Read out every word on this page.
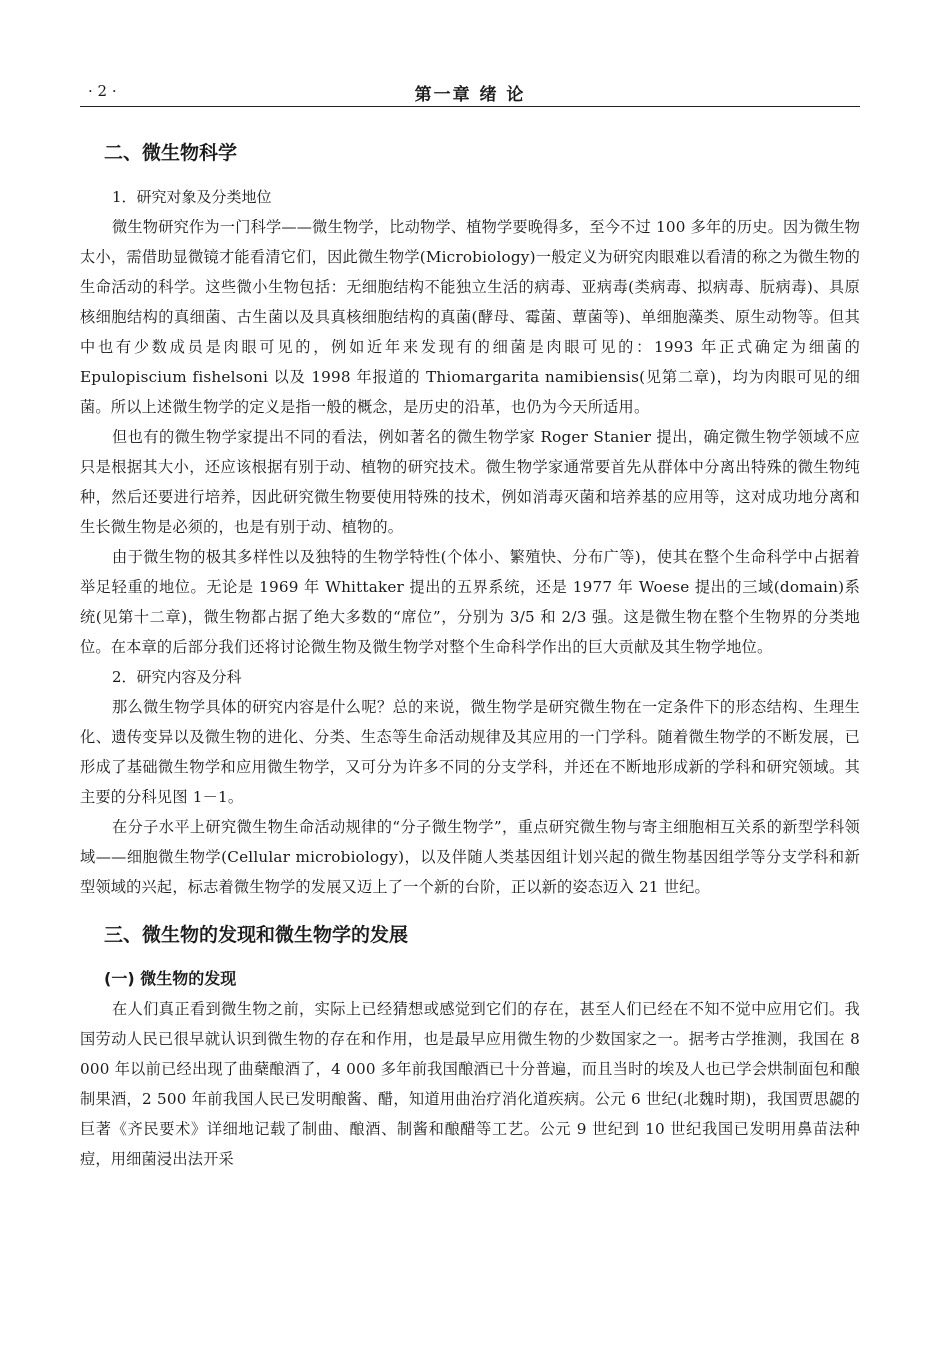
· 2 ·	第一章 绪 论
二、微生物科学
1．研究对象及分类地位

微生物研究作为一门科学——微生物学，比动物学、植物学要晚得多，至今不过 100 多年的历史。因为微生物太小，需借助显微镜才能看清它们，因此微生物学(Microbiology)一般定义为研究肉眼难以看清的称之为微生物的生命活动的科学。这些微小生物包括：无细胞结构不能独立生活的病毒、亚病毒(类病毒、拟病毒、朊病毒)、具原核细胞结构的真细菌、古生菌以及具真核细胞结构的真菌(酵母、霉菌、蕈菌等)、单细胞藻类、原生动物等。但其中也有少数成员是肉眼可见的，例如近年来发现有的细菌是肉眼可见的：1993 年正式确定为细菌的 Epulopiscium fishelsoni 以及 1998 年报道的 Thiomargarita namibiensis(见第二章)，均为肉眼可见的细菌。所以上述微生物学的定义是指一般的概念，是历史的沿革，也仍为今天所适用。

但也有的微生物学家提出不同的看法，例如著名的微生物学家 Roger Stanier 提出，确定微生物学领域不应只是根据其大小，还应该根据有别于动、植物的研究技术。微生物学家通常要首先从群体中分离出特殊的微生物纯种，然后还要进行培养，因此研究微生物要使用特殊的技术，例如消毒灭菌和培养基的应用等，这对成功地分离和生长微生物是必须的，也是有别于动、植物的。

由于微生物的极其多样性以及独特的生物学特性(个体小、繁殖快、分布广等)，使其在整个生命科学中占据着举足轻重的地位。无论是 1969 年 Whittaker 提出的五界系统，还是 1977 年 Woese 提出的三域(domain)系统(见第十二章)，微生物都占据了绝大多数的“席位”，分别为 3/5 和 2/3 强。这是微生物在整个生物界的分类地位。在本章的后部分我们还将讨论微生物及微生物学对整个生命科学作出的巨大贡献及其生物学地位。

2．研究内容及分科

那么微生物学具体的研究内容是什么呢？总的来说，微生物学是研究微生物在一定条件下的形态结构、生理生化、遗传变异以及微生物的进化、分类、生态等生命活动规律及其应用的一门学科。随着微生物学的不断发展，已形成了基础微生物学和应用微生物学，又可分为许多不同的分支学科，并还在不断地形成新的学科和研究领域。其主要的分科见图 1－1。

在分子水平上研究微生物生命活动规律的“分子微生物学”，重点研究微生物与寄主细胞相互关系的新型学科领域——细胞微生物学(Cellular microbiology)，以及伴随人类基因组计划兴起的微生物基因组学等分支学科和新型领域的兴起，标志着微生物学的发展又迈上了一个新的台阶，正以新的姿态迈入 21 世纪。

三、微生物的发现和微生物学的发展
(一) 微生物的发现

在人们真正看到微生物之前，实际上已经猜想或感觉到它们的存在，甚至人们已经在不知不觉中应用它们。我国劳动人民已很早就认识到微生物的存在和作用，也是最早应用微生物的少数国家之一。据考古学推测，我国在 8 000 年以前已经出现了曲蘖酿酒了，4 000 多年前我国酿酒已十分普遍，而且当时的埃及人也已学会烘制面包和酿制果酒，2 500 年前我国人民已发明酿酱、醋，知道用曲治疗消化道疾病。公元 6 世纪(北魏时期)，我国贾思勰的巨著《齐民要术》详细地记载了制曲、酿酒、制酱和酿醋等工艺。公元 9 世纪到 10 世纪我国已发明用鼻苗法种痘，用细菌浸出法开采
